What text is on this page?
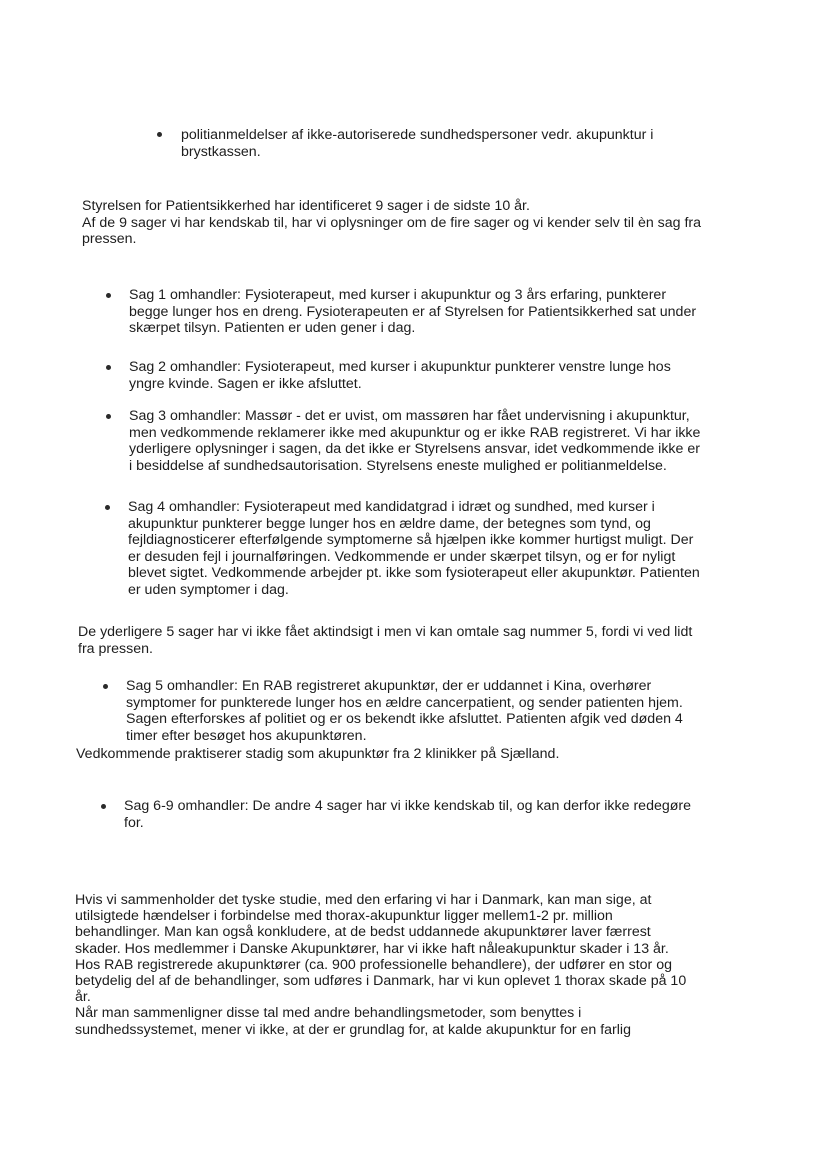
politianmeldelser af ikke-autoriserede sundhedspersoner vedr. akupunktur i
brystkassen.
Styrelsen for Patientsikkerhed har identificeret 9 sager i de sidste 10 år.
Af de 9 sager vi har kendskab til, har vi oplysninger om de fire sager og vi kender selv til èn sag fra
pressen.
Sag 1 omhandler: Fysioterapeut, med kurser i akupunktur og 3 års erfaring, punkterer
begge lunger hos en dreng. Fysioterapeuten er af Styrelsen for Patientsikkerhed sat under
skærpet tilsyn. Patienten er uden gener i dag.
Sag 2 omhandler: Fysioterapeut, med kurser i akupunktur punkterer venstre lunge hos
yngre kvinde. Sagen er ikke afsluttet.
Sag 3 omhandler: Massør - det er uvist, om massøren har fået undervisning i akupunktur,
men vedkommende reklamerer ikke med akupunktur og er ikke RAB registreret. Vi har ikke
yderligere oplysninger i sagen, da det ikke er Styrelsens ansvar, idet vedkommende ikke er
i besiddelse af sundhedsautorisation. Styrelsens eneste mulighed er politianmeldelse.
Sag 4 omhandler: Fysioterapeut med kandidatgrad i idræt og sundhed, med kurser i
akupunktur punkterer begge lunger hos en ældre dame, der betegnes som tynd, og
fejldiagnosticerer efterfølgende symptomerne så hjælpen ikke kommer hurtigst muligt. Der
er desuden fejl i journalføringen. Vedkommende er under skærpet tilsyn, og er for nyligt
blevet sigtet. Vedkommende arbejder pt. ikke som fysioterapeut eller akupunktør. Patienten
er uden symptomer i dag.
De yderligere 5 sager har vi ikke fået aktindsigt i men vi kan omtale sag nummer 5, fordi vi ved lidt
fra pressen.
Sag 5 omhandler: En RAB registreret akupunktør, der er uddannet i Kina, overhører
symptomer for punkterede lunger hos en ældre cancerpatient, og sender patienten hjem.
Sagen efterforskes af politiet og er os bekendt ikke afsluttet. Patienten afgik ved døden 4
timer efter besøget hos akupunktøren.
Vedkommende praktiserer stadig som akupunktør fra 2 klinikker på Sjælland.
Sag 6-9 omhandler: De andre 4 sager har vi ikke kendskab til, og kan derfor ikke redegøre
for.
Hvis vi sammenholder det tyske studie, med den erfaring vi har i Danmark, kan man sige, at
utilsigtede hændelser i forbindelse med thorax-akupunktur ligger mellem1-2 pr. million
behandlinger. Man kan også konkludere, at de bedst uddannede akupunktører laver færrest
skader. Hos medlemmer i Danske Akupunktører, har vi ikke haft nåleakupunktur skader i 13 år.
Hos RAB registrerede akupunktører (ca. 900 professionelle behandlere), der udfører en stor og
betydelig del af de behandlinger, som udføres i Danmark, har vi kun oplevet 1 thorax skade på 10
år.
Når man sammenligner disse tal med andre behandlingsmetoder, som benyttes i
sundhedssystemet, mener vi ikke, at der er grundlag for, at kalde akupunktur for en farlig
